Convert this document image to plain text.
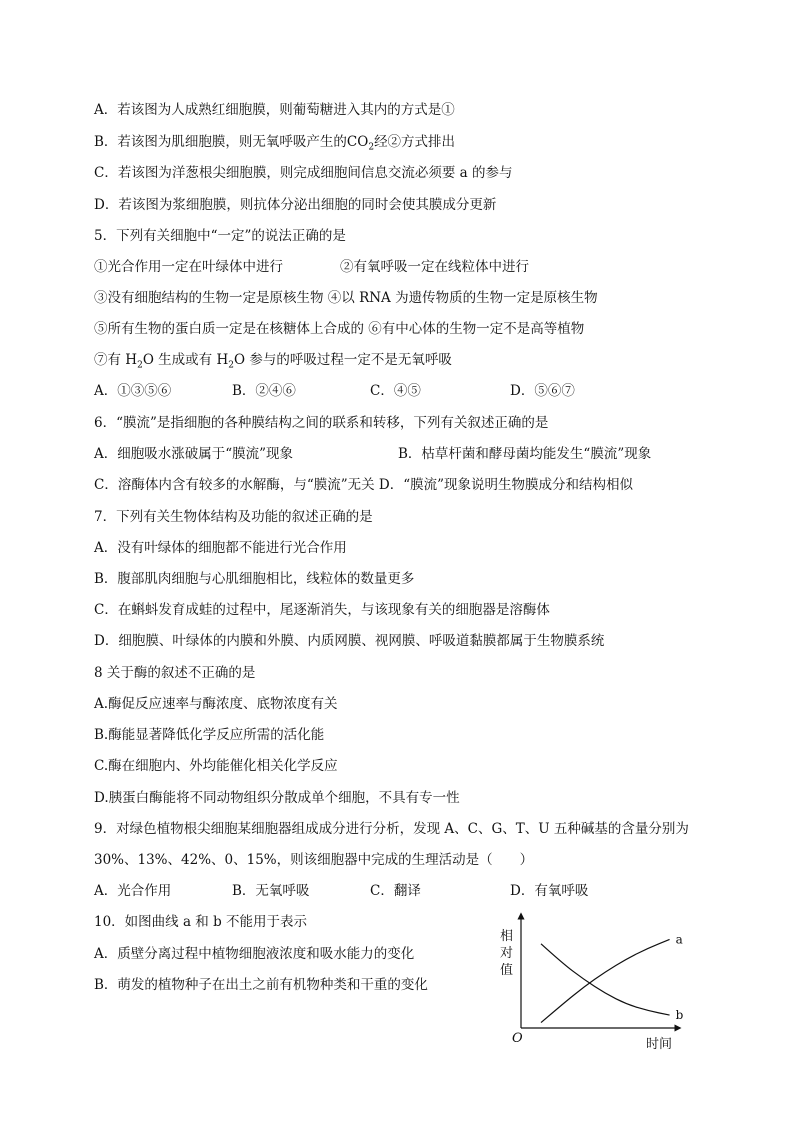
A．若该图为人成熟红细胞膜，则葡萄糖进入其内的方式是①
B．若该图为肌细胞膜，则无氧呼吸产生的$CO_2$经②方式排出
C．若该图为洋葱根尖细胞膜，则完成细胞间信息交流必须要 a 的参与
D．若该图为浆细胞膜，则抗体分泌出细胞的同时会使其膜成分更新
5．下列有关细胞中“一定”的说法正确的是
①光合作用一定在叶绿体中进行	②有氧呼吸一定在线粒体中进行
③没有细胞结构的生物一定是原核生物 ④以 RNA 为遗传物质的生物一定是原核生物
⑤所有生物的蛋白质一定是在核糖体上合成的 ⑥有中心体的生物一定不是高等植物
⑦有 $H_2O$ 生成或有 $H_2O$ 参与的呼吸过程一定不是无氧呼吸
A．①③⑤⑥	B．②④⑥	C．④⑤	D．⑤⑥⑦
6．“膜流”是指细胞的各种膜结构之间的联系和转移，下列有关叙述正确的是
A．细胞吸水涨破属于“膜流”现象	B．枯草杆菌和酵母菌均能发生“膜流”现象
C．溶酶体内含有较多的水解酶，与“膜流”无关 D．“膜流”现象说明生物膜成分和结构相似
7．下列有关生物体结构及功能的叙述正确的是
A．没有叶绿体的细胞都不能进行光合作用
B．腹部肌肉细胞与心肌细胞相比，线粒体的数量更多
C．在蝌蚪发育成蛙的过程中，尾逐渐消失，与该现象有关的细胞器是溶酶体
D．细胞膜、叶绿体的内膜和外膜、内质网膜、视网膜、呼吸道黏膜都属于生物膜系统
8 关于酶的叙述不正确的是
A.酶促反应速率与酶浓度、底物浓度有关
B.酶能显著降低化学反应所需的活化能
C.酶在细胞内、外均能催化相关化学反应
D.胰蛋白酶能将不同动物组织分散成单个细胞，不具有专一性
9．对绿色植物根尖细胞某细胞器组成成分进行分析，发现 A、C、G、T、U 五种碱基的含量分别为
30%、13%、42%、0、15%，则该细胞器中完成的生理活动是（　　）
A．光合作用	B．无氧呼吸	C．翻译	D．有氧呼吸
10．如图曲线 a 和 b 不能用于表示
A．质壁分离过程中植物细胞液浓度和吸水能力的变化
B．萌发的植物种子在出土之前有机物种类和干重的变化
相
对
值
O	时间
a
b
